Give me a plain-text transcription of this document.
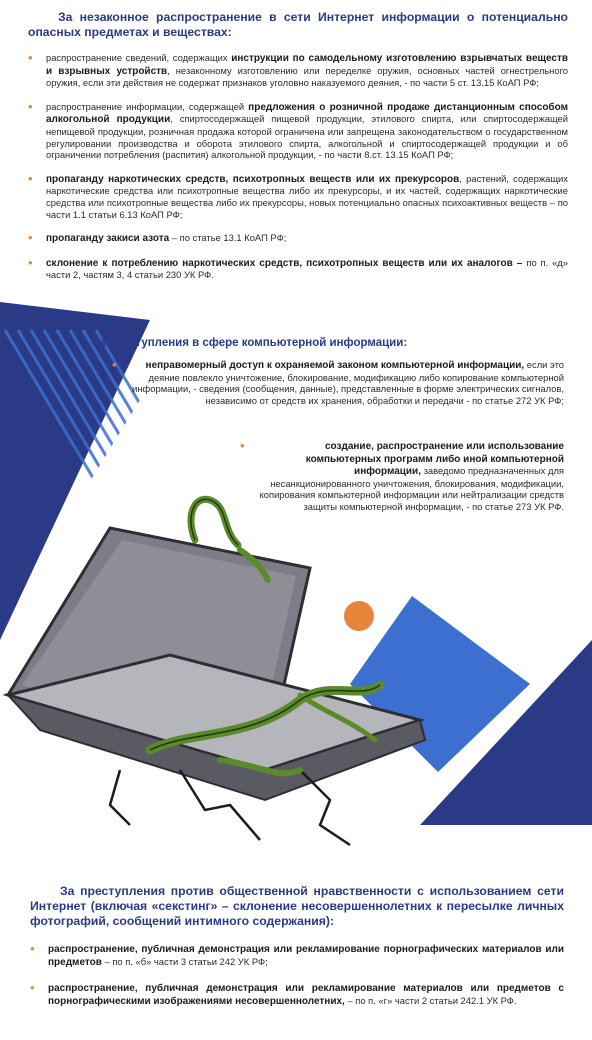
За незаконное распространение в сети Интернет информации о потенциально опасных предметах и веществах:
• распространение сведений, содержащих инструкции по самодельному изготовлению взрывчатых веществ и взрывных устройств, незаконному изготовлению или переделке оружия, основных частей огнестрельного оружия, если эти действия не содержат признаков уголовно наказуемого деяния, - по части 5 ст. 13.15 КоАП РФ;
• распространение информации, содержащей предложения о розничной продаже дистанционным способом алкогольной продукции, спиртосодержащей пищевой продукции, этилового спирта, или спиртосодержащей непищевой продукции, розничная продажа которой ограничена или запрещена законодательством о государственном регулировании производства и оборота этилового спирта, алкогольной и спиртосодержащей продукции и об ограничении потребления (распития) алкогольной продукции, - по части 8.ст. 13.15 КоАП РФ;
• пропаганду наркотических средств, психотропных веществ или их прекурсоров, растений, содержащих наркотические средства или психотропные вещества либо их прекурсоры, и их частей, содержащих наркотические средства или психотропные вещества либо их прекурсоры, новых потенциально опасных психоактивных веществ – по части 1.1 статьи 6.13 КоАП РФ;
• пропаганду закиси азота – по статье 13.1 КоАП РФ;
• склонение к потреблению наркотических средств, психотропных веществ или их аналогов – по п. «д» части 2, частям 3, 4 статьи 230 УК РФ.
За преступления в сфере компьютерной информации:
• неправомерный доступ к охраняемой законом компьютерной информации, если это деяние повлекло уничтожение, блокирование, модификацию либо копирование компьютерной информации, - сведения (сообщения, данные), представленные в форме электрических сигналов, независимо от средств их хранения, обработки и передачи - по статье 272 УК РФ;
• создание, распространение или использование компьютерных программ либо иной компьютерной информации, заведомо предназначенных для несанкционированного уничтожения, блокирования, модификации, копирования компьютерной информации или нейтрализации средств защиты компьютерной информации, - по статье 273 УК РФ.
За преступления против общественной нравственности с использованием сети Интернет (включая «секстинг» – склонение несовершеннолетних к пересылке личных фотографий, сообщений интимного содержания):
• распространение, публичная демонстрация или рекламирование порнографических материалов или предметов – по п. «б» части 3 статьи 242 УК РФ;
• распространение, публичная демонстрация или рекламирование материалов или предметов с порнографическими изображениями несовершеннолетних, – по п. «г» части 2 статьи 242.1 УК РФ.
